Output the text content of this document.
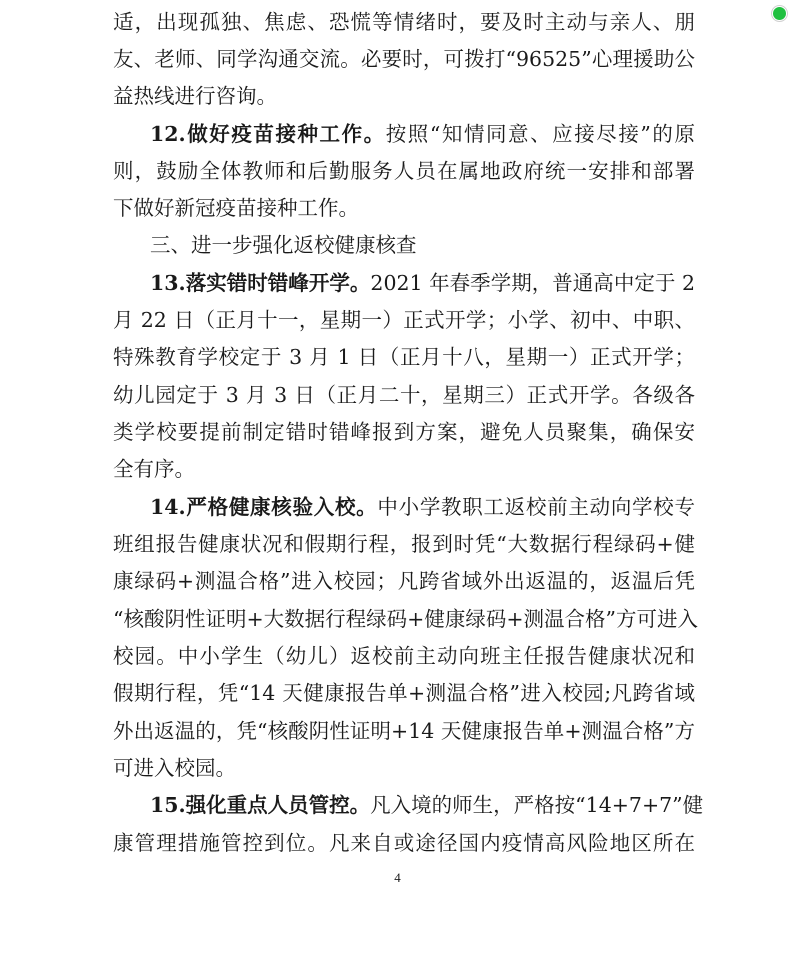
适，出现孤独、焦虑、恐慌等情绪时，要及时主动与亲人、朋
友、老师、同学沟通交流。必要时，可拨打“96525”心理援助公
益热线进行咨询。
12.做好疫苗接种工作。按照“知情同意、应接尽接”的原
则，鼓励全体教师和后勤服务人员在属地政府统一安排和部署
下做好新冠疫苗接种工作。
三、进一步强化返校健康核查
13.落实错时错峰开学。2021 年春季学期，普通高中定于 2
月 22 日（正月十一，星期一）正式开学；小学、初中、中职、
特殊教育学校定于 3 月 1 日（正月十八，星期一）正式开学；
幼儿园定于 3 月 3 日（正月二十，星期三）正式开学。各级各
类学校要提前制定错时错峰报到方案，避免人员聚集，确保安
全有序。
14.严格健康核验入校。中小学教职工返校前主动向学校专
班组报告健康状况和假期行程，报到时凭“大数据行程绿码+健
康绿码+测温合格”进入校园；凡跨省域外出返温的，返温后凭
“核酸阴性证明+大数据行程绿码+健康绿码+测温合格”方可进入
校园。中小学生（幼儿）返校前主动向班主任报告健康状况和
假期行程，凭“14 天健康报告单+测温合格”进入校园;凡跨省域
外出返温的，凭“核酸阴性证明+14 天健康报告单+测温合格”方
可进入校园。
15.强化重点人员管控。凡入境的师生，严格按“14+7+7”健
康管理措施管控到位。凡来自或途径国内疫情高风险地区所在
4
